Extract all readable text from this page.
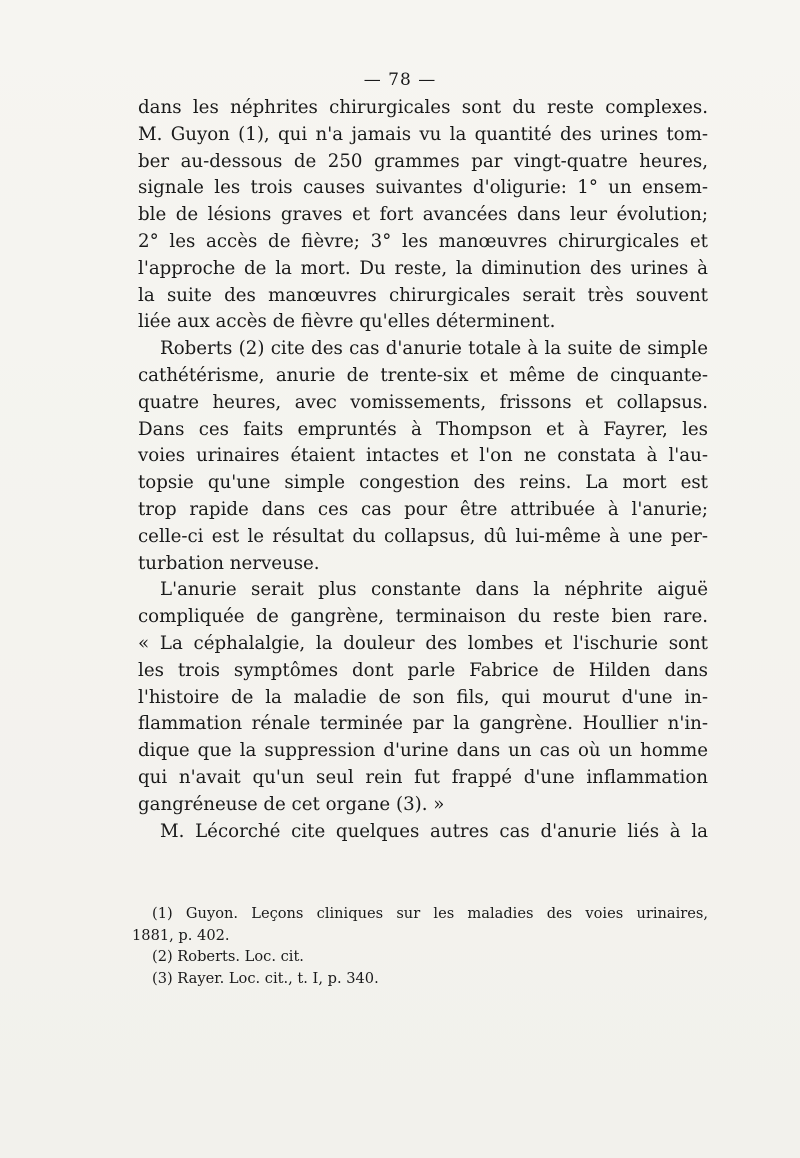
— 78 —

dans les néphrites chirurgicales sont du reste complexes.
M. Guyon (1), qui n'a jamais vu la quantité des urines tom-
ber au-dessous de 250 grammes par vingt-quatre heures,
signale les trois causes suivantes d'oligurie: 1° un ensem-
ble de lésions graves et fort avancées dans leur évolution;
2° les accès de fièvre; 3° les manœuvres chirurgicales et
l'approche de la mort. Du reste, la diminution des urines à
la suite des manœuvres chirurgicales serait très souvent
liée aux accès de fièvre qu'elles déterminent.

Roberts (2) cite des cas d'anurie totale à la suite de simple
cathétérisme, anurie de trente-six et même de cinquante-
quatre heures, avec vomissements, frissons et collapsus.
Dans ces faits empruntés à Thompson et à Fayrer, les
voies urinaires étaient intactes et l'on ne constata à l'au-
topsie qu'une simple congestion des reins. La mort est
trop rapide dans ces cas pour être attribuée à l'anurie;
celle-ci est le résultat du collapsus, dû lui-même à une per-
turbation nerveuse.

L'anurie serait plus constante dans la néphrite aiguë
compliquée de gangrène, terminaison du reste bien rare.
« La céphalalgie, la douleur des lombes et l'ischurie sont
les trois symptômes dont parle Fabrice de Hilden dans
l'histoire de la maladie de son fils, qui mourut d'une in-
flammation rénale terminée par la gangrène. Houllier n'in-
dique que la suppression d'urine dans un cas où un homme
qui n'avait qu'un seul rein fut frappé d'une inflammation
gangréneuse de cet organe (3). »

M. Lécorché cite quelques autres cas d'anurie liés à la

(1) Guyon. Leçons cliniques sur les maladies des voies urinaires,
1881, p. 402.
(2) Roberts. Loc. cit.
(3) Rayer. Loc. cit., t. I, p. 340.
